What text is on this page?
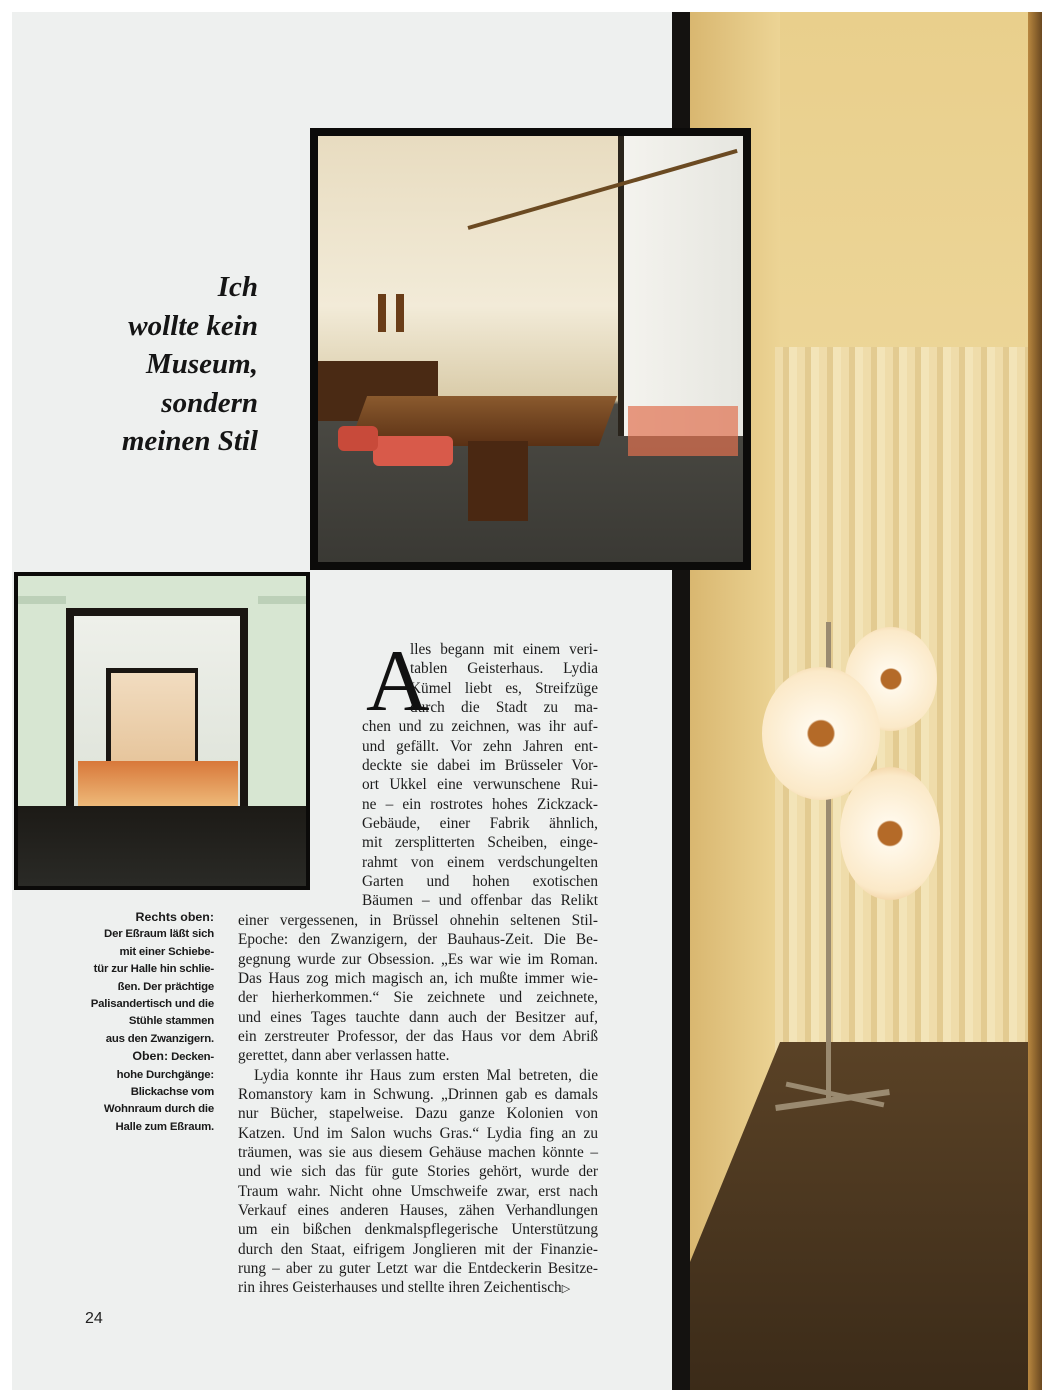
Ich
wollte kein
Museum,
sondern
meinen Stil
A
lles begann mit einem veri-
tablen Geisterhaus. Lydia
Kümel liebt es, Streifzüge
durch die Stadt zu ma-
chen und zu zeichnen, was ihr auf-
und gefällt. Vor zehn Jahren ent-
deckte sie dabei im Brüsseler Vor-
ort Ukkel eine verwunschene Rui-
ne – ein rostrotes hohes Zickzack-
Gebäude, einer Fabrik ähnlich,
mit zersplitterten Scheiben, einge-
rahmt von einem verdschungelten
Garten und hohen exotischen
Bäumen – und offenbar das Relikt
einer vergessenen, in Brüssel ohnehin seltenen Stil-
Epoche: den Zwanzigern, der Bauhaus-Zeit. Die Be-
gegnung wurde zur Obsession. „Es war wie im Roman.
Das Haus zog mich magisch an, ich mußte immer wie-
der hierherkommen.“ Sie zeichnete und zeichnete,
und eines Tages tauchte dann auch der Besitzer auf,
ein zerstreuter Professor, der das Haus vor dem Abriß
gerettet, dann aber verlassen hatte.
Lydia konnte ihr Haus zum ersten Mal betreten, die
Romanstory kam in Schwung. „Drinnen gab es damals
nur Bücher, stapelweise. Dazu ganze Kolonien von
Katzen. Und im Salon wuchs Gras.“ Lydia fing an zu
träumen, was sie aus diesem Gehäuse machen könnte –
und wie sich das für gute Stories gehört, wurde der
Traum wahr. Nicht ohne Umschweife zwar, erst nach
Verkauf eines anderen Hauses, zähen Verhandlungen
um ein bißchen denkmalspflegerische Unterstützung
durch den Staat, eifrigem Jonglieren mit der Finanzie-
rung – aber zu guter Letzt war die Entdeckerin Besitze-
rin ihres Geisterhauses und stellte ihren Zeichentisch▷
Rechts oben:
Der Eßraum läßt sich
mit einer Schiebe-
tür zur Halle hin schlie-
ßen. Der prächtige
Palisandertisch und die
Stühle stammen
aus den Zwanzigern.
Oben: Decken-
hohe Durchgänge:
Blickachse vom
Wohnraum durch die
Halle zum Eßraum.
24
